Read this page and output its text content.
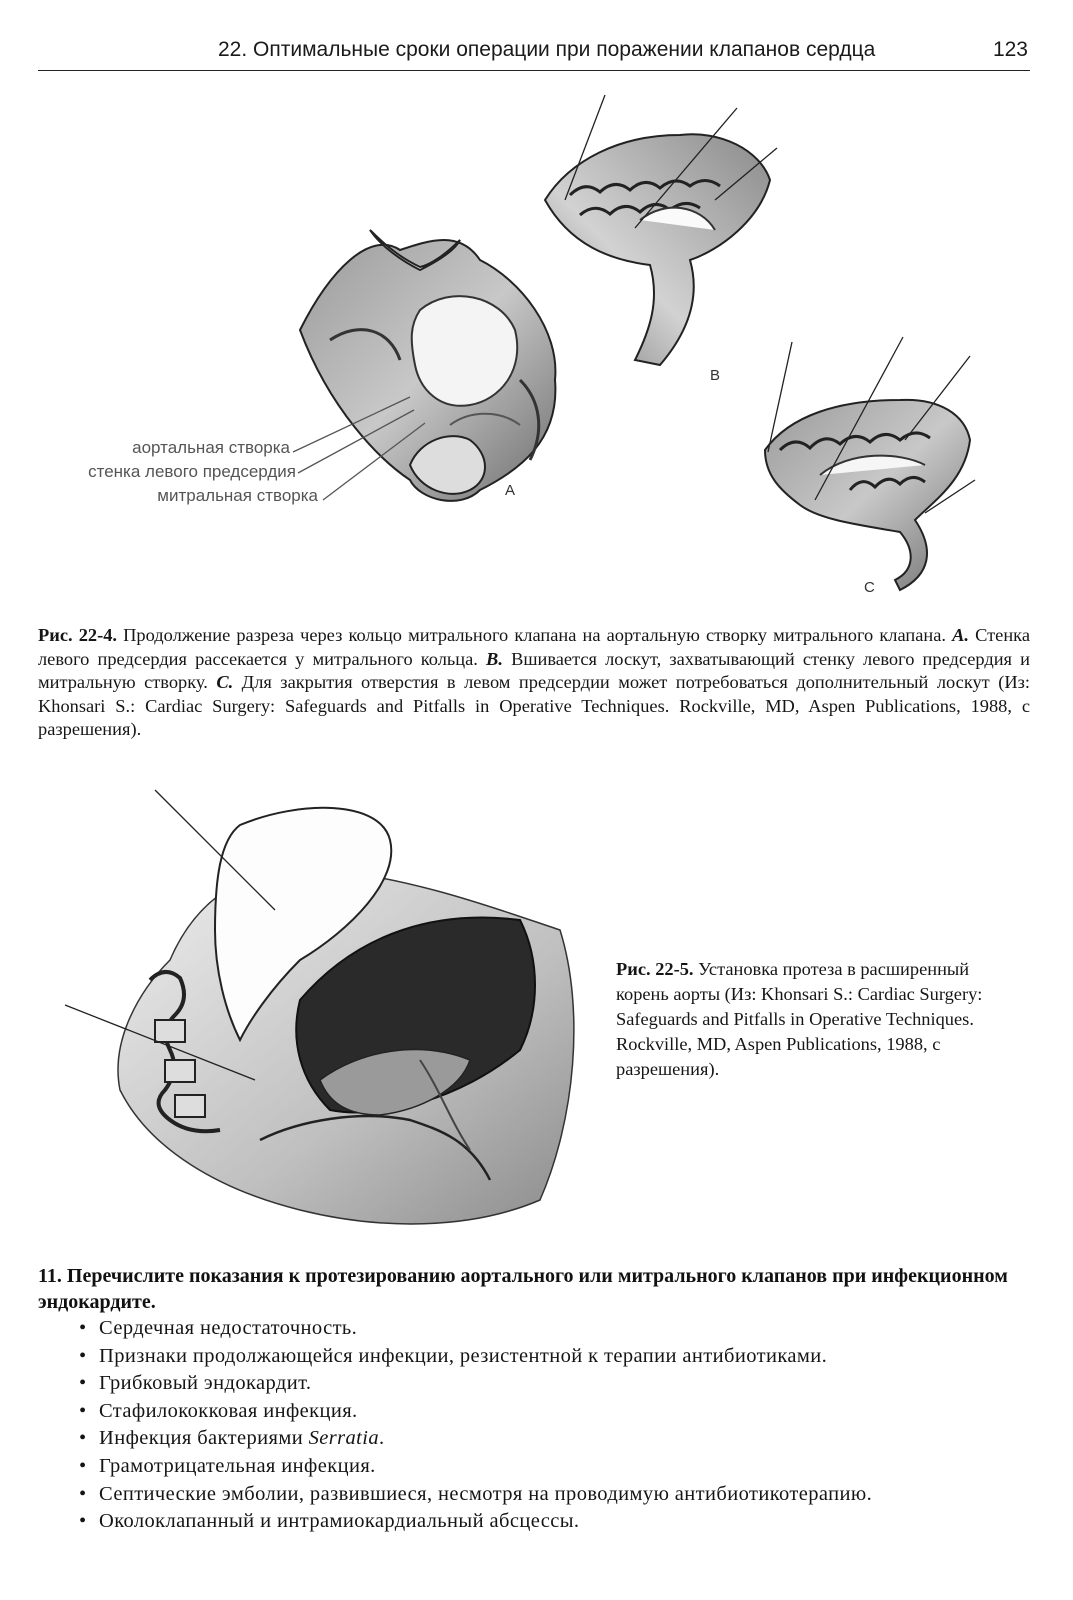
22. Оптимальные сроки операции при поражении клапанов сердца	123
аортальная створка
стенка левого предсердия
митральная створка	A
B
C
Рис. 22-4. Продолжение разреза через кольцо митрального клапана на аортальную створку митрального клапана. A. Стенка левого предсердия рассекается у митрального кольца. B. Вшивается лоскут, захватывающий стенку левого предсердия и митральную створку. C. Для закрытия отверстия в левом предсердии может потребоваться дополнительный лоскут (Из: Khonsari S.: Cardiac Surgery: Safeguards and Pitfalls in Operative Techniques. Rockville, MD, Aspen Publications, 1988, с разрешения).
Рис. 22-5. Установка протеза в расширенный корень аорты (Из: Khonsari S.: Cardiac Surgery: Safeguards and Pitfalls in Operative Techniques. Rockville, MD, Aspen Publications, 1988, с разрешения).
11. Перечислите показания к протезированию аортального или митрального клапанов при инфекционном эндокардите.
• Сердечная недостаточность.
• Признаки продолжающейся инфекции, резистентной к терапии антибиотиками.
• Грибковый эндокардит.
• Стафилококковая инфекция.
• Инфекция бактериями Serratia.
• Грамотрицательная инфекция.
• Септические эмболии, развившиеся, несмотря на проводимую антибиотикотерапию.
• Околоклапанный и интрамиокардиальный абсцессы.
